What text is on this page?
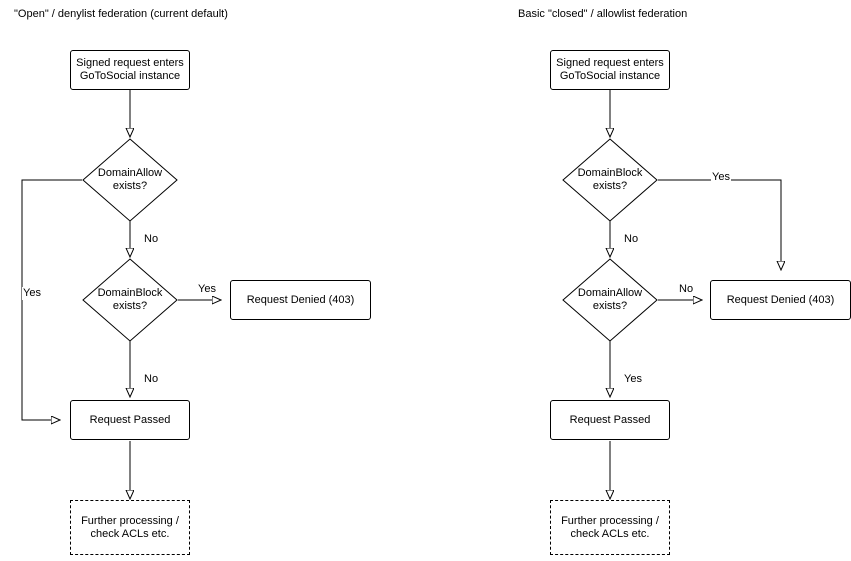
"Open" / denylist federation (current default)
Signed request enters
GoToSocial instance
DomainAllow
exists?
DomainBlock
exists?
Request Denied (403)
Request Passed
Further processing /
check ACLs etc.
Yes
No
Yes
No
Basic "closed" / allowlist federation
Signed request enters
GoToSocial instance
DomainBlock
exists?
DomainAllow
exists?
Request Denied (403)
Request Passed
Further processing /
check ACLs etc.
Yes
No
No
Yes
